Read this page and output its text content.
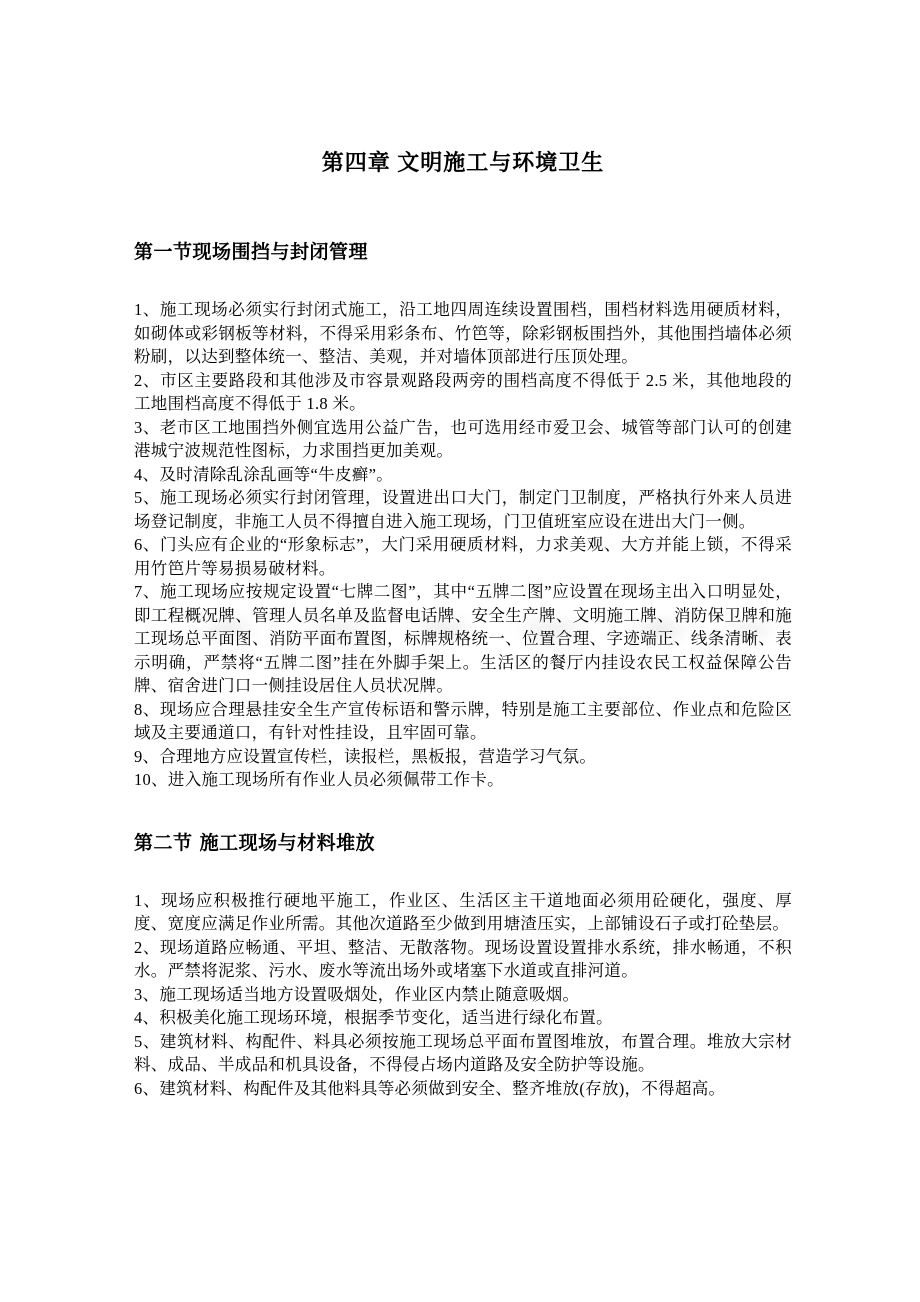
第四章 文明施工与环境卫生
第一节现场围挡与封闭管理

1、施工现场必须实行封闭式施工，沿工地四周连续设置围档，围档材料选用硬质材料，如砌体或彩钢板等材料，不得采用彩条布、竹笆等，除彩钢板围挡外，其他围挡墙体必须粉刷，以达到整体统一、整洁、美观，并对墙体顶部进行压顶处理。

2、市区主要路段和其他涉及市容景观路段两旁的围档高度不得低于 2.5 米，其他地段的工地围档高度不得低于 1.8 米。

3、老市区工地围挡外侧宜选用公益广告，也可选用经市爱卫会、城管等部门认可的创建港城宁波规范性图标，力求围挡更加美观。

4、及时清除乱涂乱画等“牛皮癣”。

5、施工现场必须实行封闭管理，设置进出口大门，制定门卫制度，严格执行外来人员进场登记制度，非施工人员不得擅自进入施工现场，门卫值班室应设在进出大门一侧。

6、门头应有企业的“形象标志”，大门采用硬质材料，力求美观、大方并能上锁，不得采用竹笆片等易损易破材料。

7、施工现场应按规定设置“七牌二图”，其中“五牌二图”应设置在现场主出入口明显处，即工程概况牌、管理人员名单及监督电话牌、安全生产牌、文明施工牌、消防保卫牌和施工现场总平面图、消防平面布置图，标牌规格统一、位置合理、字迹端正、线条清晰、表示明确，严禁将“五牌二图”挂在外脚手架上。生活区的餐厅内挂设农民工权益保障公告牌、宿舍进门口一侧挂设居住人员状况牌。

8、现场应合理悬挂安全生产宣传标语和警示牌，特别是施工主要部位、作业点和危险区域及主要通道口，有针对性挂设，且牢固可靠。

9、合理地方应设置宣传栏，读报栏，黑板报，营造学习气氛。

10、进入施工现场所有作业人员必须佩带工作卡。

第二节 施工现场与材料堆放

1、现场应积极推行硬地平施工，作业区、生活区主干道地面必须用砼硬化，强度、厚度、宽度应满足作业所需。其他次道路至少做到用塘渣压实，上部铺设石子或打砼垫层。

2、现场道路应畅通、平坦、整洁、无散落物。现场设置设置排水系统，排水畅通，不积水。严禁将泥浆、污水、废水等流出场外或堵塞下水道或直排河道。

3、施工现场适当地方设置吸烟处，作业区内禁止随意吸烟。

4、积极美化施工现场环境，根据季节变化，适当进行绿化布置。

5、建筑材料、构配件、料具必须按施工现场总平面布置图堆放，布置合理。堆放大宗材料、成品、半成品和机具设备，不得侵占场内道路及安全防护等设施。

6、建筑材料、构配件及其他料具等必须做到安全、整齐堆放(存放)，不得超高。
